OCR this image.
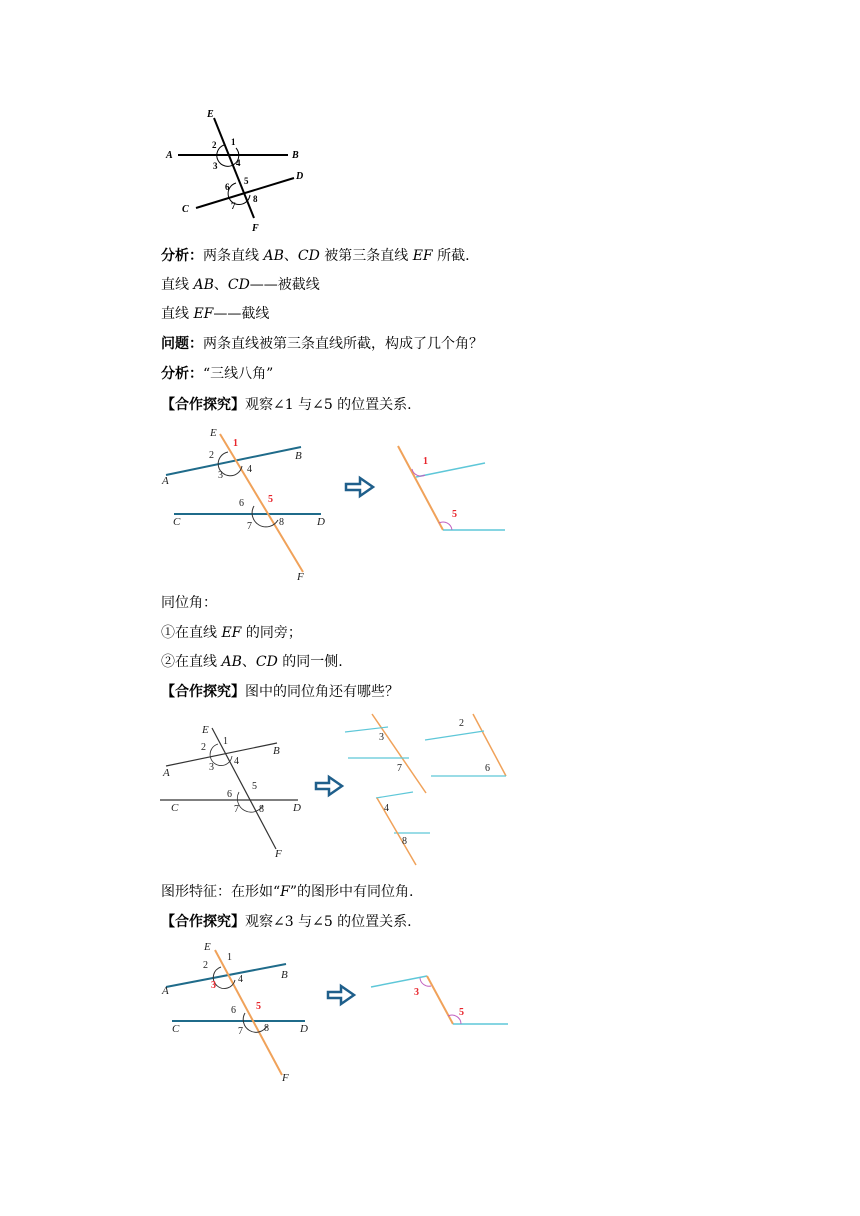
E
A	B
C
D
F
1
2
3 4
5
6
7
8
分析：两条直线 AB、CD 被第三条直线 EF 所截.
直线 AB、CD——被截线
直线 EF——截线
问题：两条直线被第三条直线所截，构成了几个角？
分析：“三线八角”
【合作探究】观察∠1 与∠5 的位置关系.
E
1
2
3
4
B
A
6 5
7	8
C	D
F
1
5
同位角：
①在直线 EF 的同旁；
②在直线 AB、CD 的同一侧.
【合作探究】图中的同位角还有哪些？
E
1
2
3
4
B
A
5
6
7 8
C	D
F
3
7
2
6
4
8
图形特征：在形如“F”的图形中有同位角.
【合作探究】观察∠3 与∠5 的位置关系.
E
1
2
3
4	B
A
6 5
7 8
C	D
F
3
5
